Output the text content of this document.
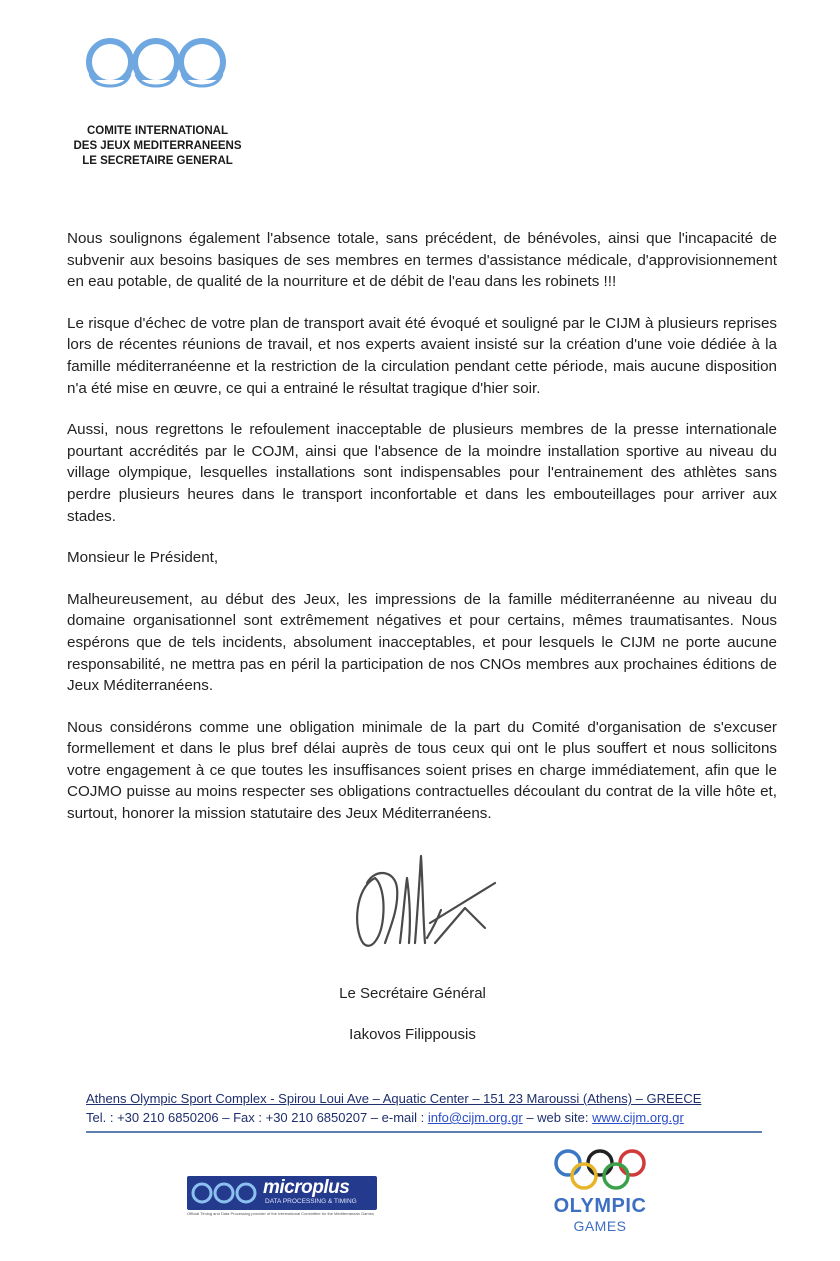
COMITE INTERNATIONAL
DES JEUX MEDITERRANEENS
LE SECRETAIRE GENERAL

Nous soulignons également l'absence totale, sans précédent, de bénévoles, ainsi que l'incapacité de subvenir aux besoins basiques de ses membres en termes d'assistance médicale, d'approvisionnement en eau potable, de qualité de la nourriture et de débit de l'eau dans les robinets !!!

Le risque d'échec de votre plan de transport avait été évoqué et souligné par le CIJM à plusieurs reprises lors de récentes réunions de travail, et nos experts avaient insisté sur la création d'une voie dédiée à la famille méditerranéenne et la restriction de la circulation pendant cette période, mais aucune disposition n'a été mise en œuvre, ce qui a entrainé le résultat tragique d'hier soir.

Aussi, nous regrettons le refoulement inacceptable de plusieurs membres de la presse internationale pourtant accrédités par le COJM, ainsi que l'absence de la moindre installation sportive au niveau du village olympique, lesquelles installations sont indispensables pour l'entrainement des athlètes sans perdre plusieurs heures dans le transport inconfortable et dans les embouteillages pour arriver aux stades.

Monsieur le Président,

Malheureusement, au début des Jeux, les impressions de la famille méditerranéenne au niveau du domaine organisationnel sont extrêmement négatives et pour certains, mêmes traumatisantes. Nous espérons que de tels incidents, absolument inacceptables, et pour lesquels le CIJM ne porte aucune responsabilité, ne mettra pas en péril la participation de nos CNOs membres aux prochaines éditions de Jeux Méditerranéens.

Nous considérons comme une obligation minimale de la part du Comité d'organisation de s'excuser formellement et dans le plus bref délai auprès de tous ceux qui ont le plus souffert et nous sollicitons votre engagement à ce que toutes les insuffisances soient prises en charge immédiatement, afin que le COJMO puisse au moins respecter ses obligations contractuelles découlant du contrat de la ville hôte et, surtout, honorer la mission statutaire des Jeux Méditerranéens.

Le Secrétaire Général
Iakovos Filippousis
Athens Olympic Sport Complex - Spirou Loui Ave – Aquatic Center – 151 23 Maroussi (Athens) – GREECE
Tel. : +30 210 6850206 – Fax : +30 210 6850207 – e-mail : info@cijm.org.gr – web site: www.cijm.org.gr
microplus
DATA PROCESSING & TIMING
Official Timing and Data Processing provider of the International Committee for the Mediterranean Games	OLYMPIC
GAMES
